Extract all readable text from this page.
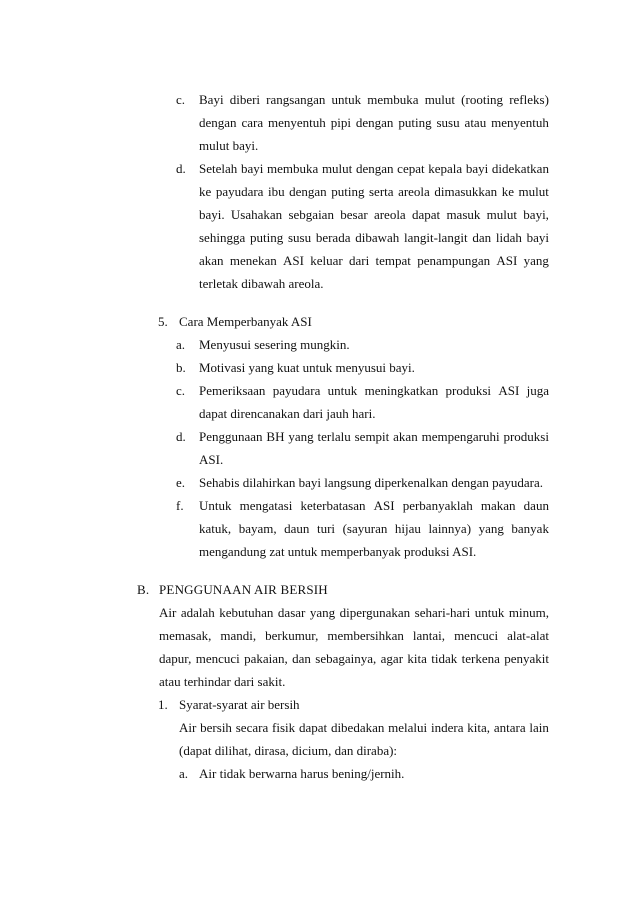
c. Bayi diberi rangsangan untuk membuka mulut (rooting refleks)
dengan cara menyentuh pipi dengan puting susu atau menyentuh
mulut bayi.
d. Setelah bayi membuka mulut dengan cepat kepala bayi didekatkan
ke payudara ibu dengan puting serta areola dimasukkan ke mulut
bayi. Usahakan sebgaian besar areola dapat masuk mulut bayi,
sehingga puting susu berada dibawah langit-langit dan lidah bayi
akan menekan ASI keluar dari tempat penampungan ASI yang
terletak dibawah areola.
5. Cara Memperbanyak ASI
a. Menyusui sesering mungkin.
b. Motivasi yang kuat untuk menyusui bayi.
c. Pemeriksaan payudara untuk meningkatkan produksi ASI juga
dapat direncanakan dari jauh hari.
d. Penggunaan BH yang terlalu sempit akan mempengaruhi produksi
ASI.
e. Sehabis dilahirkan bayi langsung diperkenalkan dengan payudara.
f. Untuk mengatasi keterbatasan ASI perbanyaklah makan daun
katuk, bayam, daun turi (sayuran hijau lainnya) yang banyak
mengandung zat untuk memperbanyak produksi ASI.
B. PENGGUNAAN AIR BERSIH
Air adalah kebutuhan dasar yang dipergunakan sehari-hari untuk minum,
memasak, mandi, berkumur, membersihkan lantai, mencuci alat-alat
dapur, mencuci pakaian, dan sebagainya, agar kita tidak terkena penyakit
atau terhindar dari sakit.
1. Syarat-syarat air bersih
Air bersih secara fisik dapat dibedakan melalui indera kita, antara lain
(dapat dilihat, dirasa, dicium, dan diraba):
a. Air tidak berwarna harus bening/jernih.
